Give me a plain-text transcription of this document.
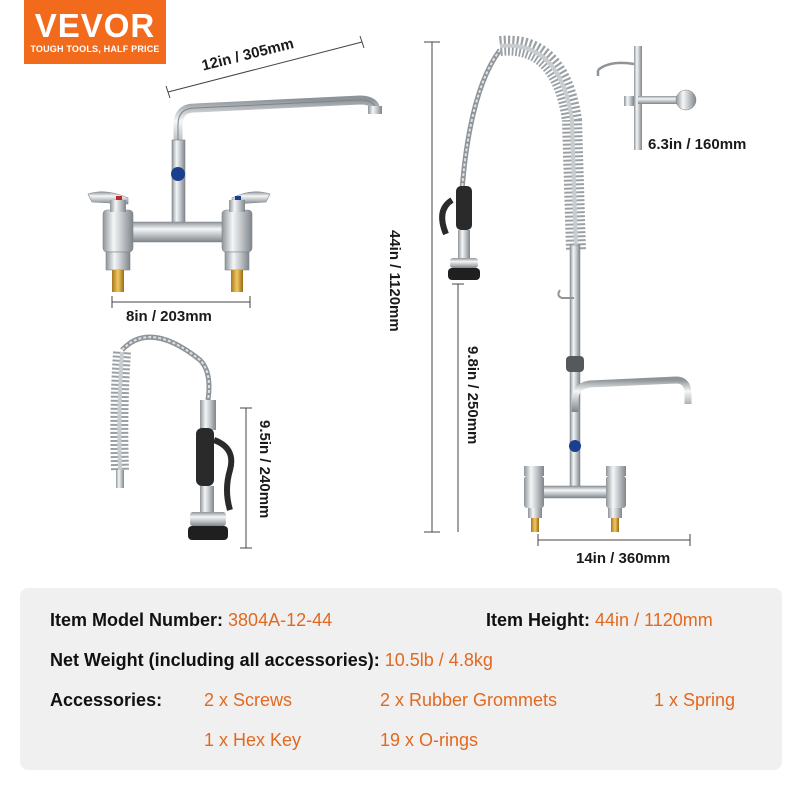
VEVOR
TOUGH TOOLS, HALF PRICE	12in / 305mm
8in / 203mm	44in / 1120mm
9.8in / 250mm
6.3in / 160mm
9.5in / 240mm
14in / 360mm
Item Model Number: 3804A-12-44	Item Height: 44in / 1120mm
Net Weight (including all accessories): 10.5lb / 4.8kg
Accessories: 2 x Screws	2 x Rubber Grommets	1 x Spring
1 x Hex Key	19 x O-rings
